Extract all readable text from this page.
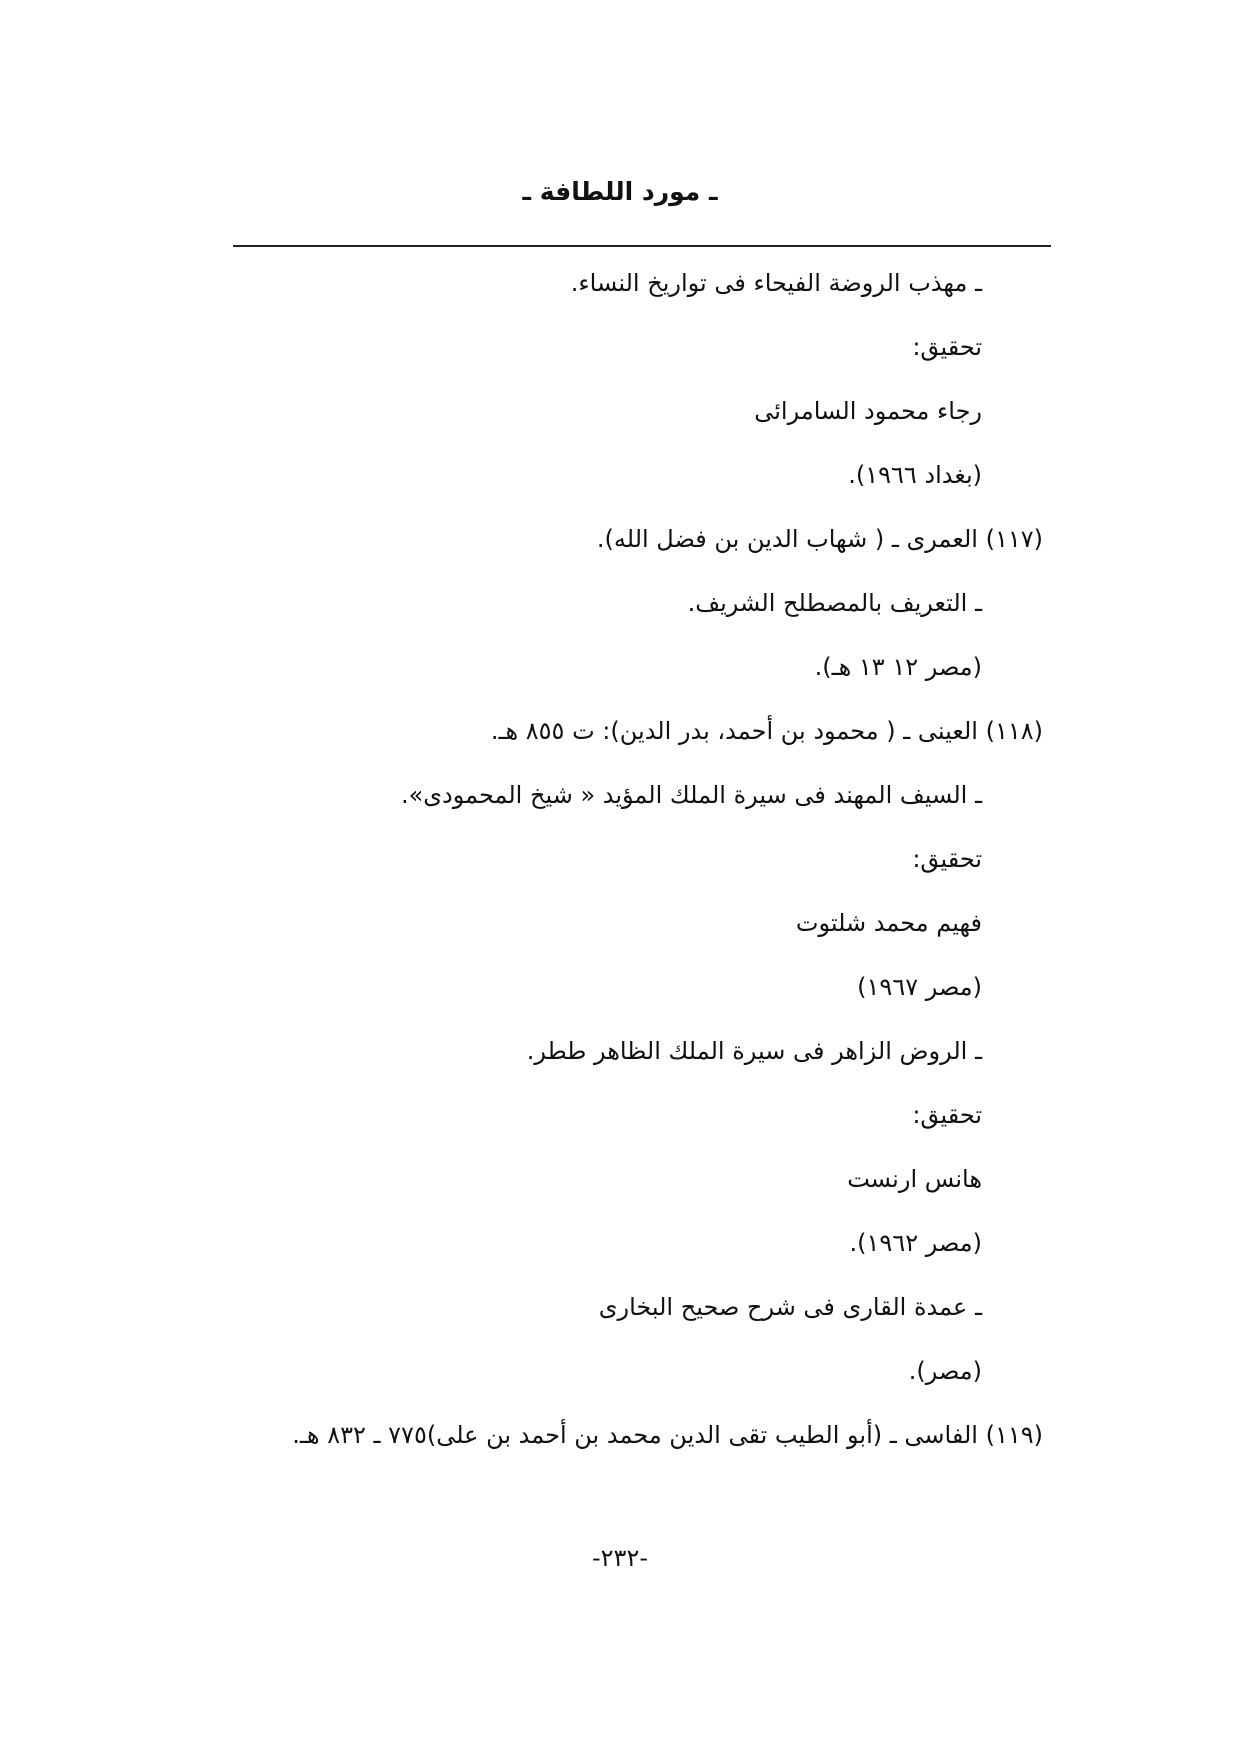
ـ مورد اللطافة ـ
ـ مهذب الروضة الفيحاء فى تواريخ النساء.
تحقيق:
رجاء محمود السامرائى
(بغداد ١٩٦٦).
(١١٧) العمرى ـ ( شهاب الدين بن فضل الله).
ـ التعريف بالمصطلح الشريف.
(مصر ١٢ ١٣ هـ).
(١١٨) العينى ـ ( محمود بن أحمد، بدر الدين): ت ٨٥٥ هـ.
ـ السيف المهند فى سيرة الملك المؤيد « شيخ المحمودى».
تحقيق:
فهيم محمد شلتوت
(مصر ١٩٦٧)
ـ الروض الزاهر فى سيرة الملك الظاهر ططر.
تحقيق:
هانس ارنست
(مصر ١٩٦٢).
ـ عمدة القارى فى شرح صحيح البخارى
(مصر).
(١١٩) الفاسى ـ (أبو الطيب تقى الدين محمد بن أحمد بن على)٧٧٥ ـ ٨٣٢ هـ.
-٢٣٢-
